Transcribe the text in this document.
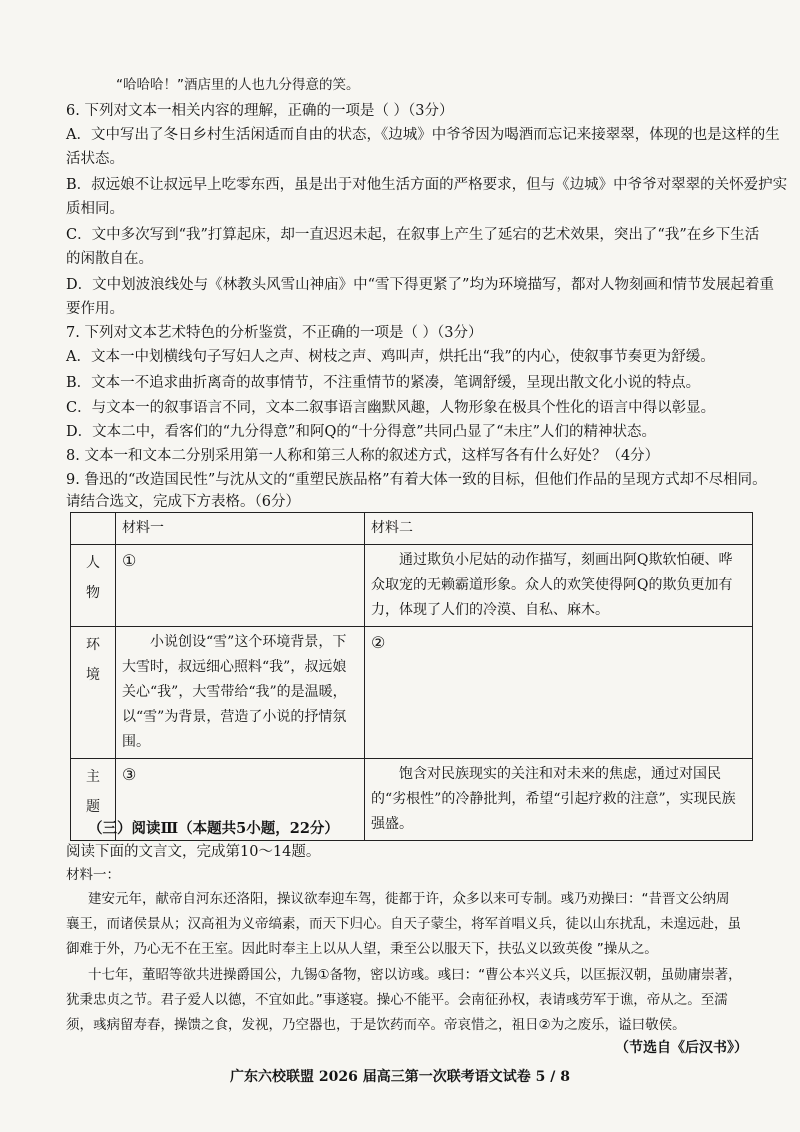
“哈哈哈！”酒店里的人也九分得意的笑。
6. 下列对文本一相关内容的理解，正确的一项是（ ）（3分）
A．文中写出了冬日乡村生活闲适而自由的状态，《边城》中爷爷因为喝酒而忘记来接翠翠，体现的也是这样的生
活状态。
B．叔远娘不让叔远早上吃零东西，虽是出于对他生活方面的严格要求，但与《边城》中爷爷对翠翠的关怀爱护实
质相同。
C．文中多次写到“我”打算起床，却一直迟迟未起，在叙事上产生了延宕的艺术效果，突出了“我”在乡下生活
的闲散自在。
D．文中划波浪线处与《林教头风雪山神庙》中“雪下得更紧了”均为环境描写，都对人物刻画和情节发展起着重
要作用。
7. 下列对文本艺术特色的分析鉴赏，不正确的一项是（ ）（3分）
A．文本一中划横线句子写妇人之声、树枝之声、鸡叫声，烘托出“我”的内心，使叙事节奏更为舒缓。
B．文本一不追求曲折离奇的故事情节，不注重情节的紧凑，笔调舒缓，呈现出散文化小说的特点。
C．与文本一的叙事语言不同，文本二叙事语言幽默风趣，人物形象在极具个性化的语言中得以彰显。
D．文本二中，看客们的“九分得意”和阿Q的“十分得意”共同凸显了“未庄”人们的精神状态。
8. 文本一和文本二分别采用第一人称和第三人称的叙述方式，这样写各有什么好处？（4分）
9. 鲁迅的“改造国民性”与沈从文的“重塑民族品格”有着大体一致的目标，但他们作品的呈现方式却不尽相同。
请结合选文，完成下方表格。（6分）
	材料一	材料二

人
物	①	通过欺负小尼姑的动作描写，刻画出阿Q欺软怕硬、哗众取宠的无赖霸道形象。众人的欢笑使得阿Q的欺负更加有力，体现了人们的冷漠、自私、麻木。

环
境	小说创设“雪”这个环境背景，下大雪时，叔远细心照料“我”，叔远娘关心“我”，大雪带给“我”的是温暖，以“雪”为背景，营造了小说的抒情氛围。	②

主
题	③	饱含对民族现实的关注和对未来的焦虑，通过对国民的“劣根性”的冷静批判，希望“引起疗救的注意”，实现民族强盛。
（三）阅读Ⅲ（本题共5小题，22分）
阅读下面的文言文，完成第10～14题。
材料一：
建安元年，献帝自河东还洛阳，操议欲奉迎车驾，徙都于许，众多以来可专制。彧乃劝操曰：“昔晋文公纳周
襄王，而诸侯景从；汉高祖为义帝缟素，而天下归心。自天子蒙尘，将军首唱义兵，徒以山东扰乱，未遑远赴，虽
御难于外，乃心无不在王室。因此时奉主上以从人望，秉至公以服天下，扶弘义以致英俊 ”操从之。
十七年，董昭等欲共进操爵国公，九锡①备物，密以访彧。彧曰：“曹公本兴义兵，以匡振汉朝，虽勋庸崇著，
犹秉忠贞之节。君子爱人以德，不宜如此。”事遂寝。操心不能平。会南征孙权，表请彧劳军于谯，帝从之。至濡
须，彧病留寿春，操馈之食，发视，乃空器也，于是饮药而卒。帝哀惜之，祖日②为之废乐，谥曰敬侯。
（节选自《后汉书》）
广东六校联盟 2026 届高三第一次联考语文试卷 5 / 8
